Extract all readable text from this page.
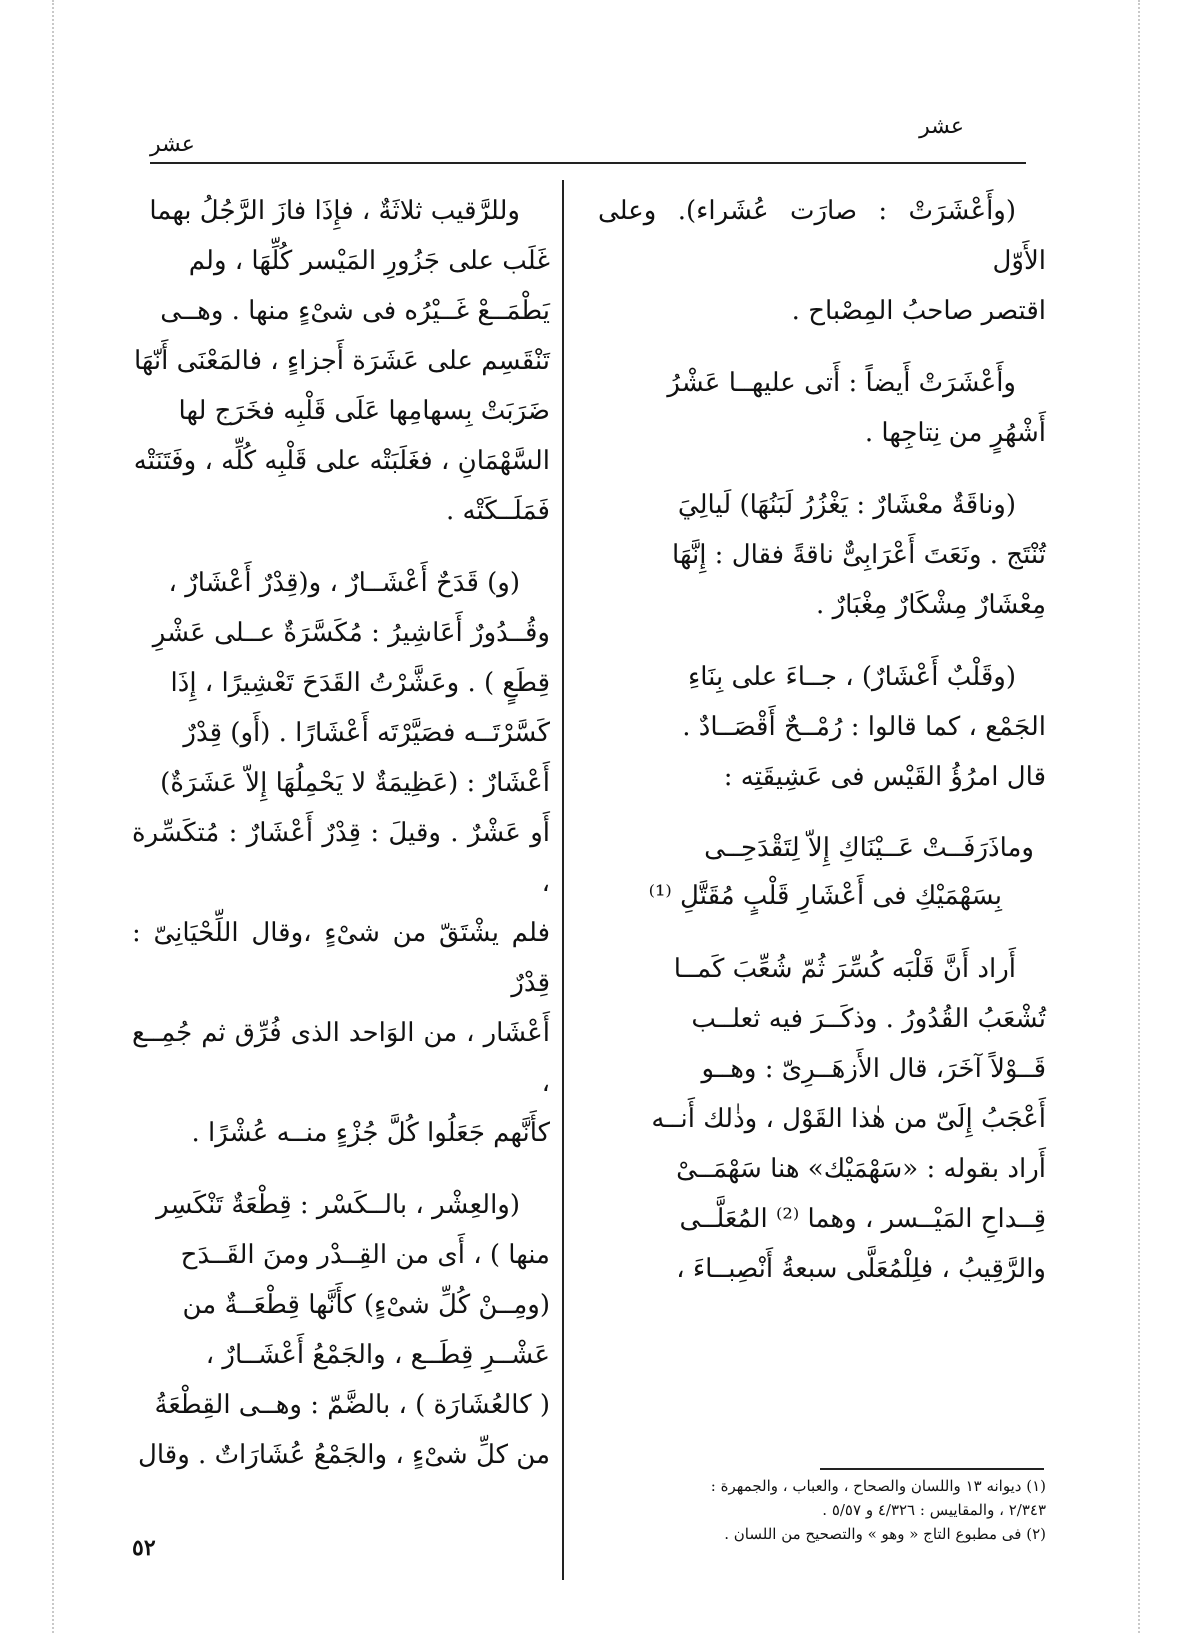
عشر
عشر

(وأَعْشَرَتْ : صارَت عُشَراء). وعلى الأَوّل
اقتصر صاحبُ المِصْباح .

وأَعْشَرَتْ أَيضاً : أَتى عليهــا عَشْرُ
أَشْهُرٍ من نِتاجِها .

(وناقَةٌ معْشَارٌ : يَغْزُرُ لَبَنُهَا) لَيالِيَ
تُنْتَج . ونَعَتَ أَعْرَابِىٌّ ناقةً فقال : إِنَّهَا
مِعْشَارٌ مِشْكَارٌ مِغْبَارٌ .

(وقَلْبٌ أَعْشَارٌ) ، جــاءَ على بِنَاءِ
الجَمْع ، كما قالوا : رُمْــحٌ أَقْصَــادٌ .
قال امرُؤُ القَيْس فى عَشِيقَتِه :

وماذَرَفَــتْ عَــيْنَاكِ إِلاّ لِتَقْدَحِــى
بِسَهْمَيْكِ فى أَعْشَارِ قَلْبٍ مُقَتَّلِ ⁽¹⁾

أَراد أَنَّ قَلْبَه كُسِّرَ ثُمّ شُعِّبَ كَمــا
تُشْعَبُ القُدُورُ . وذكَــرَ فيه ثعلــب
قَــوْلاً آخَرَ، قال الأَزهَــرِىّ : وهــو
أَعْجَبُ إِلَىّ من هٰذا القَوْل ، وذٰلك أَنــه
أَراد بقوله : «سَهْمَيْك» هنا سَهْمَــىْ
قِــداحِ المَيْــسر ، وهما ⁽²⁾ المُعَلَّــى
والرَّقِيبُ ، فلِلْمُعَلَّى سبعةُ أَنْصِبــاءَ ،

وللرَّقيب ثلاثَةٌ ، فإِذَا فازَ الرَّجُلُ بهما
غَلَب على جَزُورِ المَيْسر كُلِّهَا ، ولم
يَطْمَــعْ غَــيْرُه فى شىْءٍ منها . وهــى
تَنْقَسِم على عَشَرَة أَجزاءٍ ، فالمَعْنَى أَنّهَا
ضَرَبَتْ بِسهامِها عَلَى قَلْبِه فخَرَج لها
السَّهْمَانِ ، فغَلَبَتْه على قَلْبِه كُلِّه ، وفَتَنَتْه
فَمَلَــكَتْه .

(و) قَدَحٌ أَعْشَــارٌ ، و(قِدْرٌ أَعْشَارٌ ،
وقُــدُورٌ أَعَاشِيرُ : مُكَسَّرَةٌ عــلى عَشْرِ
قِطَعٍ ) . وعَشَّرْتُ القَدَحَ تَعْشِيرًا ، إِذَا
كَسَّرْتَــه فصَيَّرْتَه أَعْشَارًا . (أَو) قِدْرٌ
أَعْشَارٌ : (عَظِيمَةٌ لا يَحْمِلُهَا إِلاّ عَشَرَةٌ)
أَو عَشْرٌ . وقيلَ : قِدْرٌ أَعْشَارٌ : مُتكَسِّرة ،
فلم يشْتَقّ من شىْءٍ ،وقال اللِّحْيَانِىّ : قِدْرٌ
أَعْشَار ، من الوَاحد الذى فُرِّق ثم جُمِــع ،
كأَنَّهم جَعَلُوا كُلَّ جُزْءٍ منــه عُشْرًا .

(والعِشْر ، بالــكَسْر : قِطْعَةٌ تَنْكَسِر
منها ) ، أَى من القِــدْر ومنَ القَــدَح
(ومِــنْ كُلِّ شىْءٍ) كأَنَّها قِطْعَــةٌ من
عَشْــرِ قِطَــع ، والجَمْعُ أَعْشَــارٌ ،
( كالعُشَارَة ) ، بالضَّمّ : وهــى القِطْعَةُ
من كلِّ شىْءٍ ، والجَمْعُ عُشَارَاتٌ . وقال

(١) ديوانه ١٣ واللسان والصحاح ، والعباب ، والجمهرة :
٢/٣٤٣ ، والمقاييس : ٤/٣٢٦ و ٥/٥٧ .

(٢) فى مطبوع التاج « وهو » والتصحيح من اللسان .

٥٢
